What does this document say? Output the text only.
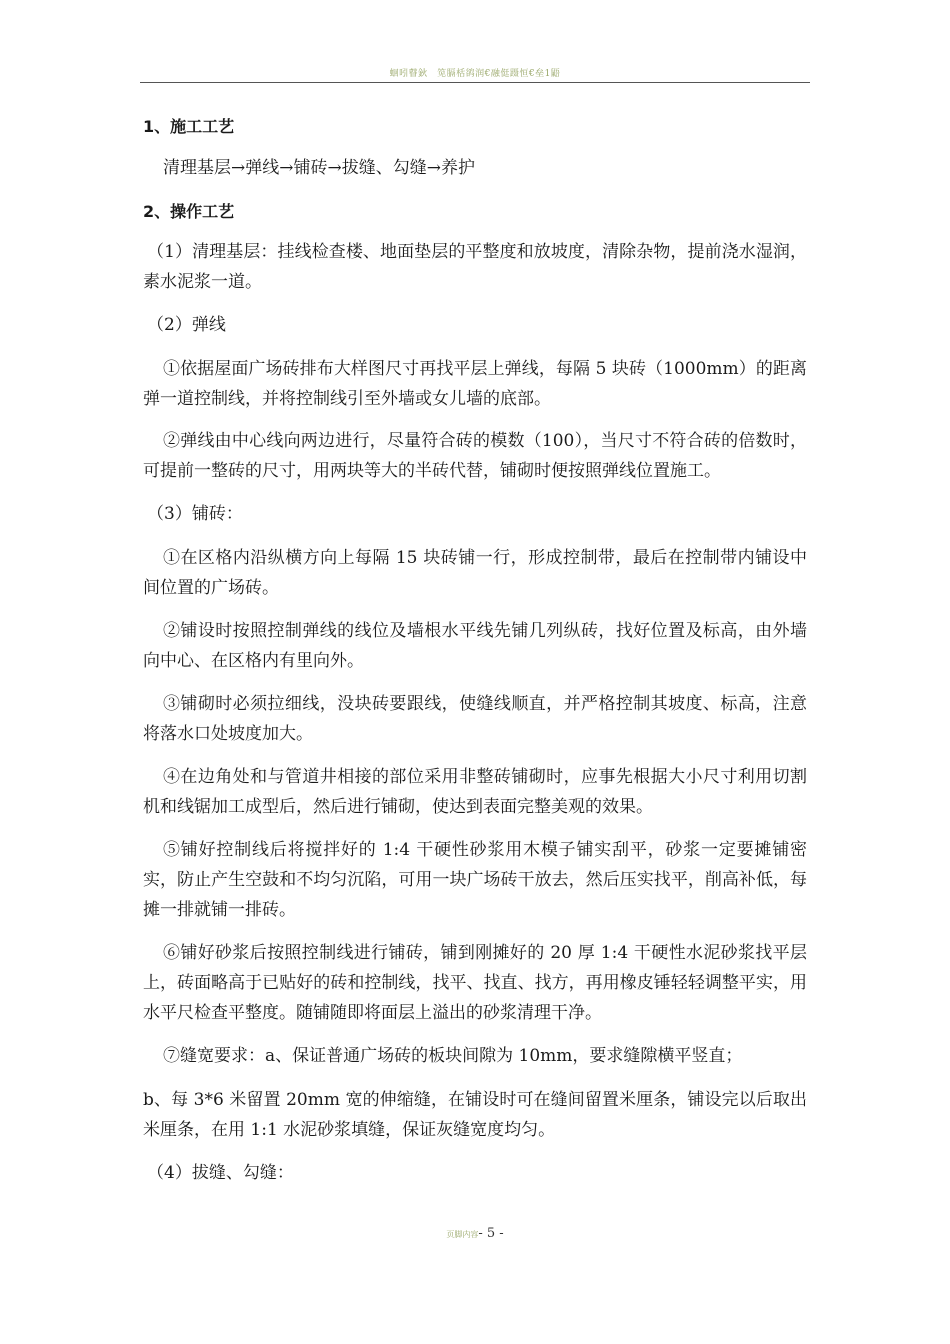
蛔吲瞽鈥　笕膈栝鹆润€融侹蹑恒€垒1鼯
1、施工工艺
清理基层→弹线→铺砖→拔缝、勾缝→养护
2、操作工艺
（1）清理基层：挂线检查楼、地面垫层的平整度和放坡度，清除杂物，提前浇水湿润，素水泥浆一道。
（2）弹线
①依据屋面广场砖排布大样图尺寸再找平层上弹线，每隔 5 块砖（1000mm）的距离弹一道控制线，并将控制线引至外墙或女儿墙的底部。
②弹线由中心线向两边进行，尽量符合砖的模数（100），当尺寸不符合砖的倍数时，可提前一整砖的尺寸，用两块等大的半砖代替，铺砌时便按照弹线位置施工。
（3）铺砖：
①在区格内沿纵横方向上每隔 15 块砖铺一行，形成控制带，最后在控制带内铺设中间位置的广场砖。
②铺设时按照控制弹线的线位及墙根水平线先铺几列纵砖，找好位置及标高，由外墙向中心、在区格内有里向外。
③铺砌时必须拉细线，没块砖要跟线，使缝线顺直，并严格控制其坡度、标高，注意将落水口处坡度加大。
④在边角处和与管道井相接的部位采用非整砖铺砌时，应事先根据大小尺寸利用切割机和线锯加工成型后，然后进行铺砌，使达到表面完整美观的效果。
⑤铺好控制线后将搅拌好的 1:4 干硬性砂浆用木模子铺实刮平，砂浆一定要摊铺密实，防止产生空鼓和不均匀沉陷，可用一块广场砖干放去，然后压实找平，削高补低，每摊一排就铺一排砖。
⑥铺好砂浆后按照控制线进行铺砖，铺到刚摊好的 20 厚 1:4 干硬性水泥砂浆找平层上，砖面略高于已贴好的砖和控制线，找平、找直、找方，再用橡皮锤轻轻调整平实，用水平尺检查平整度。随铺随即将面层上溢出的砂浆清理干净。
⑦缝宽要求：a、保证普通广场砖的板块间隙为 10mm，要求缝隙横平竖直；
b、每 3*6 米留置 20mm 宽的伸缩缝，在铺设时可在缝间留置米厘条，铺设完以后取出米厘条，在用 1:1 水泥砂浆填缝，保证灰缝宽度均匀。
（4）拔缝、勾缝：
页脚内容- 5 -
